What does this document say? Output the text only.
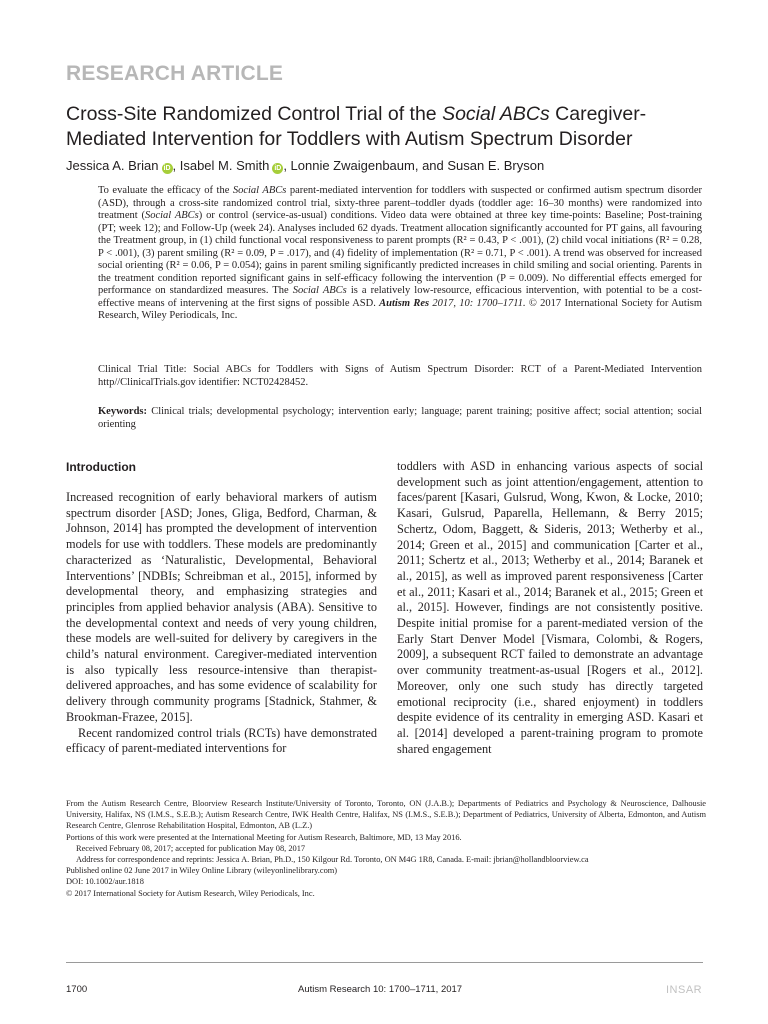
RESEARCH ARTICLE
Cross-Site Randomized Control Trial of the Social ABCs Caregiver-Mediated Intervention for Toddlers with Autism Spectrum Disorder
Jessica A. Brian iD , Isabel M. Smith iD , Lonnie Zwaigenbaum, and Susan E. Bryson
To evaluate the efficacy of the Social ABCs parent-mediated intervention for toddlers with suspected or confirmed autism spectrum disorder (ASD), through a cross-site randomized control trial, sixty-three parent–toddler dyads (toddler age: 16–30 months) were randomized into treatment (Social ABCs) or control (service-as-usual) conditions. Video data were obtained at three key time-points: Baseline; Post-training (PT; week 12); and Follow-Up (week 24). Analyses included 62 dyads. Treatment allocation significantly accounted for PT gains, all favouring the Treatment group, in (1) child functional vocal responsiveness to parent prompts (R² = 0.43, P < .001), (2) child vocal initiations (R² = 0.28, P < .001), (3) parent smiling (R² = 0.09, P = .017), and (4) fidelity of implementation (R² = 0.71, P < .001). A trend was observed for increased social orienting (R² = 0.06, P = 0.054); gains in parent smiling significantly predicted increases in child smiling and social orienting. Parents in the treatment condition reported significant gains in self-efficacy following the intervention (P = 0.009). No differential effects emerged for performance on standardized measures. The Social ABCs is a relatively low-resource, efficacious intervention, with potential to be a cost-effective means of intervening at the first signs of possible ASD. Autism Res 2017, 10: 1700–1711. © 2017 International Society for Autism Research, Wiley Periodicals, Inc.
Clinical Trial Title: Social ABCs for Toddlers with Signs of Autism Spectrum Disorder: RCT of a Parent-Mediated Intervention http//ClinicalTrials.gov identifier: NCT02428452.
Keywords: Clinical trials; developmental psychology; intervention early; language; parent training; positive affect; social attention; social orienting
Introduction

Increased recognition of early behavioral markers of autism spectrum disorder [ASD; Jones, Gliga, Bedford, Charman, & Johnson, 2014] has prompted the development of intervention models for use with toddlers. These models are predominantly characterized as ‘Naturalistic, Developmental, Behavioral Interventions’ [NDBIs; Schreibman et al., 2015], informed by developmental theory, and emphasizing strategies and principles from applied behavior analysis (ABA). Sensitive to the developmental context and needs of very young children, these models are well-suited for delivery by caregivers in the child’s natural environment. Caregiver-mediated intervention is also typically less resource-intensive than therapist-delivered approaches, and has some evidence of scalability for delivery through community programs [Stadnick, Stahmer, & Brookman-Frazee, 2015].

Recent randomized control trials (RCTs) have demonstrated efficacy of parent-mediated interventions for

toddlers with ASD in enhancing various aspects of social development such as joint attention/engagement, attention to faces/parent [Kasari, Gulsrud, Wong, Kwon, & Locke, 2010; Kasari, Gulsrud, Paparella, Hellemann, & Berry 2015; Schertz, Odom, Baggett, & Sideris, 2013; Wetherby et al., 2014; Green et al., 2015] and communication [Carter et al., 2011; Schertz et al., 2013; Wetherby et al., 2014; Baranek et al., 2015], as well as improved parent responsiveness [Carter et al., 2011; Kasari et al., 2014; Baranek et al., 2015; Green et al., 2015]. However, findings are not consistently positive. Despite initial promise for a parent-mediated version of the Early Start Denver Model [Vismara, Colombi, & Rogers, 2009], a subsequent RCT failed to demonstrate an advantage over community treatment-as-usual [Rogers et al., 2012]. Moreover, only one such study has directly targeted emotional reciprocity (i.e., shared enjoyment) in toddlers despite evidence of its centrality in emerging ASD. Kasari et al. [2014] developed a parent-training program to promote shared engagement

From the Autism Research Centre, Bloorview Research Institute/University of Toronto, Toronto, ON (J.A.B.); Departments of Pediatrics and Psychology & Neuroscience, Dalhousie University, Halifax, NS (I.M.S., S.E.B.); Autism Research Centre, IWK Health Centre, Halifax, NS (I.M.S., S.E.B.); Department of Pediatrics, University of Alberta, Edmonton, and Autism Research Centre, Glenrose Rehabilitation Hospital, Edmonton, AB (L.Z.)

Portions of this work were presented at the International Meeting for Autism Research, Baltimore, MD, 13 May 2016.

Received February 08, 2017; accepted for publication May 08, 2017

Address for correspondence and reprints: Jessica A. Brian, Ph.D., 150 Kilgour Rd. Toronto, ON M4G 1R8, Canada. E-mail: jbrian@hollandbloorview.ca

Published online 02 June 2017 in Wiley Online Library (wileyonlinelibrary.com)

DOI: 10.1002/aur.1818

© 2017 International Society for Autism Research, Wiley Periodicals, Inc.

1700	Autism Research 10: 1700–1711, 2017	INSAR
